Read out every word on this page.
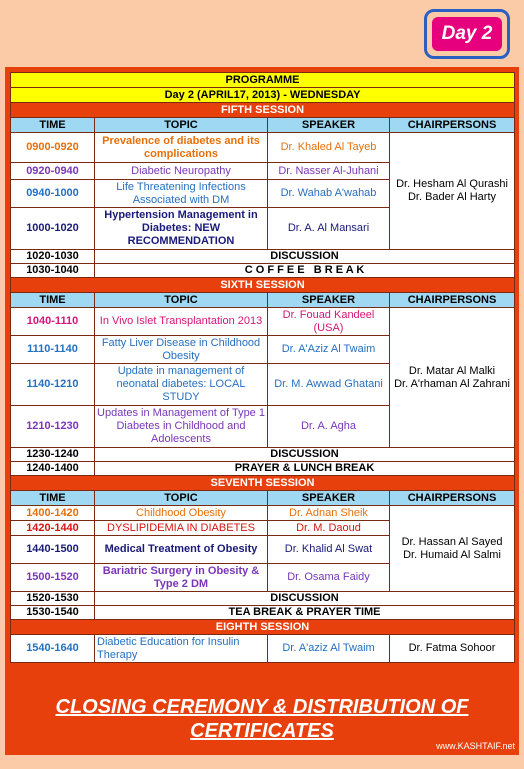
Day 2
PROGRAMME			
Day 2 (APRIL17, 2013) - WEDNESDAY			
FIFTH SESSION			
TIME	TOPIC	SPEAKER	CHAIRPERSONS
0900-0920	Prevalence of diabetes and its complications	Dr. Khaled Al Tayeb	Dr. Hesham Al Qurashi
Dr. Bader Al Harty

0920-0940	Diabetic Neuropathy	Dr. Nasser Al-Juhani	
0940-1000	Life Threatening Infections Associated with DM	Dr. Wahab A'wahab	
1000-1020	Hypertension Management in Diabetes: NEW RECOMMENDATION	Dr. A. Al Mansari	
1020-1030	DISCUSSION		
1030-1040	C O F F E E   B R E A K		
SIXTH SESSION			
TIME	TOPIC	SPEAKER	CHAIRPERSONS
1040-1110	In Vivo Islet Transplantation 2013	Dr. Fouad Kandeel (USA)	Dr. Matar Al Malki
Dr. A'rhaman Al Zahrani

1110-1140	Fatty Liver Disease in Childhood Obesity	Dr. A'Aziz Al Twaim	
1140-1210	Update in management of neonatal diabetes: LOCAL STUDY	Dr. M. Awwad Ghatani	
1210-1230	Updates in Management of Type 1 Diabetes in Childhood and Adolescents	Dr. A. Agha	
1230-1240	DISCUSSION		
1240-1400	PRAYER & LUNCH BREAK		
SEVENTH SESSION			
TIME	TOPIC	SPEAKER	CHAIRPERSONS
1400-1420	Childhood Obesity	Dr. Adnan Sheik	Dr. Hassan Al Sayed
Dr. Humaid Al Salmi

1420-1440	DYSLIPIDEMIA IN DIABETES	Dr. M. Daoud	
1440-1500	Medical Treatment of Obesity	Dr. Khalid Al Swat	
1500-1520	Bariatric Surgery in Obesity & Type 2 DM	Dr. Osama Faidy	
1520-1530	DISCUSSION		
1530-1540	TEA BREAK & PRAYER TIME		
EIGHTH SESSION			
1540-1640	Diabetic Education for Insulin Therapy	Dr. A'aziz Al Twaim	Dr. Fatma Sohoor
CLOSING CEREMONY & DISTRIBUTION OF CERTIFICATES
www.KASHTAIF.net
